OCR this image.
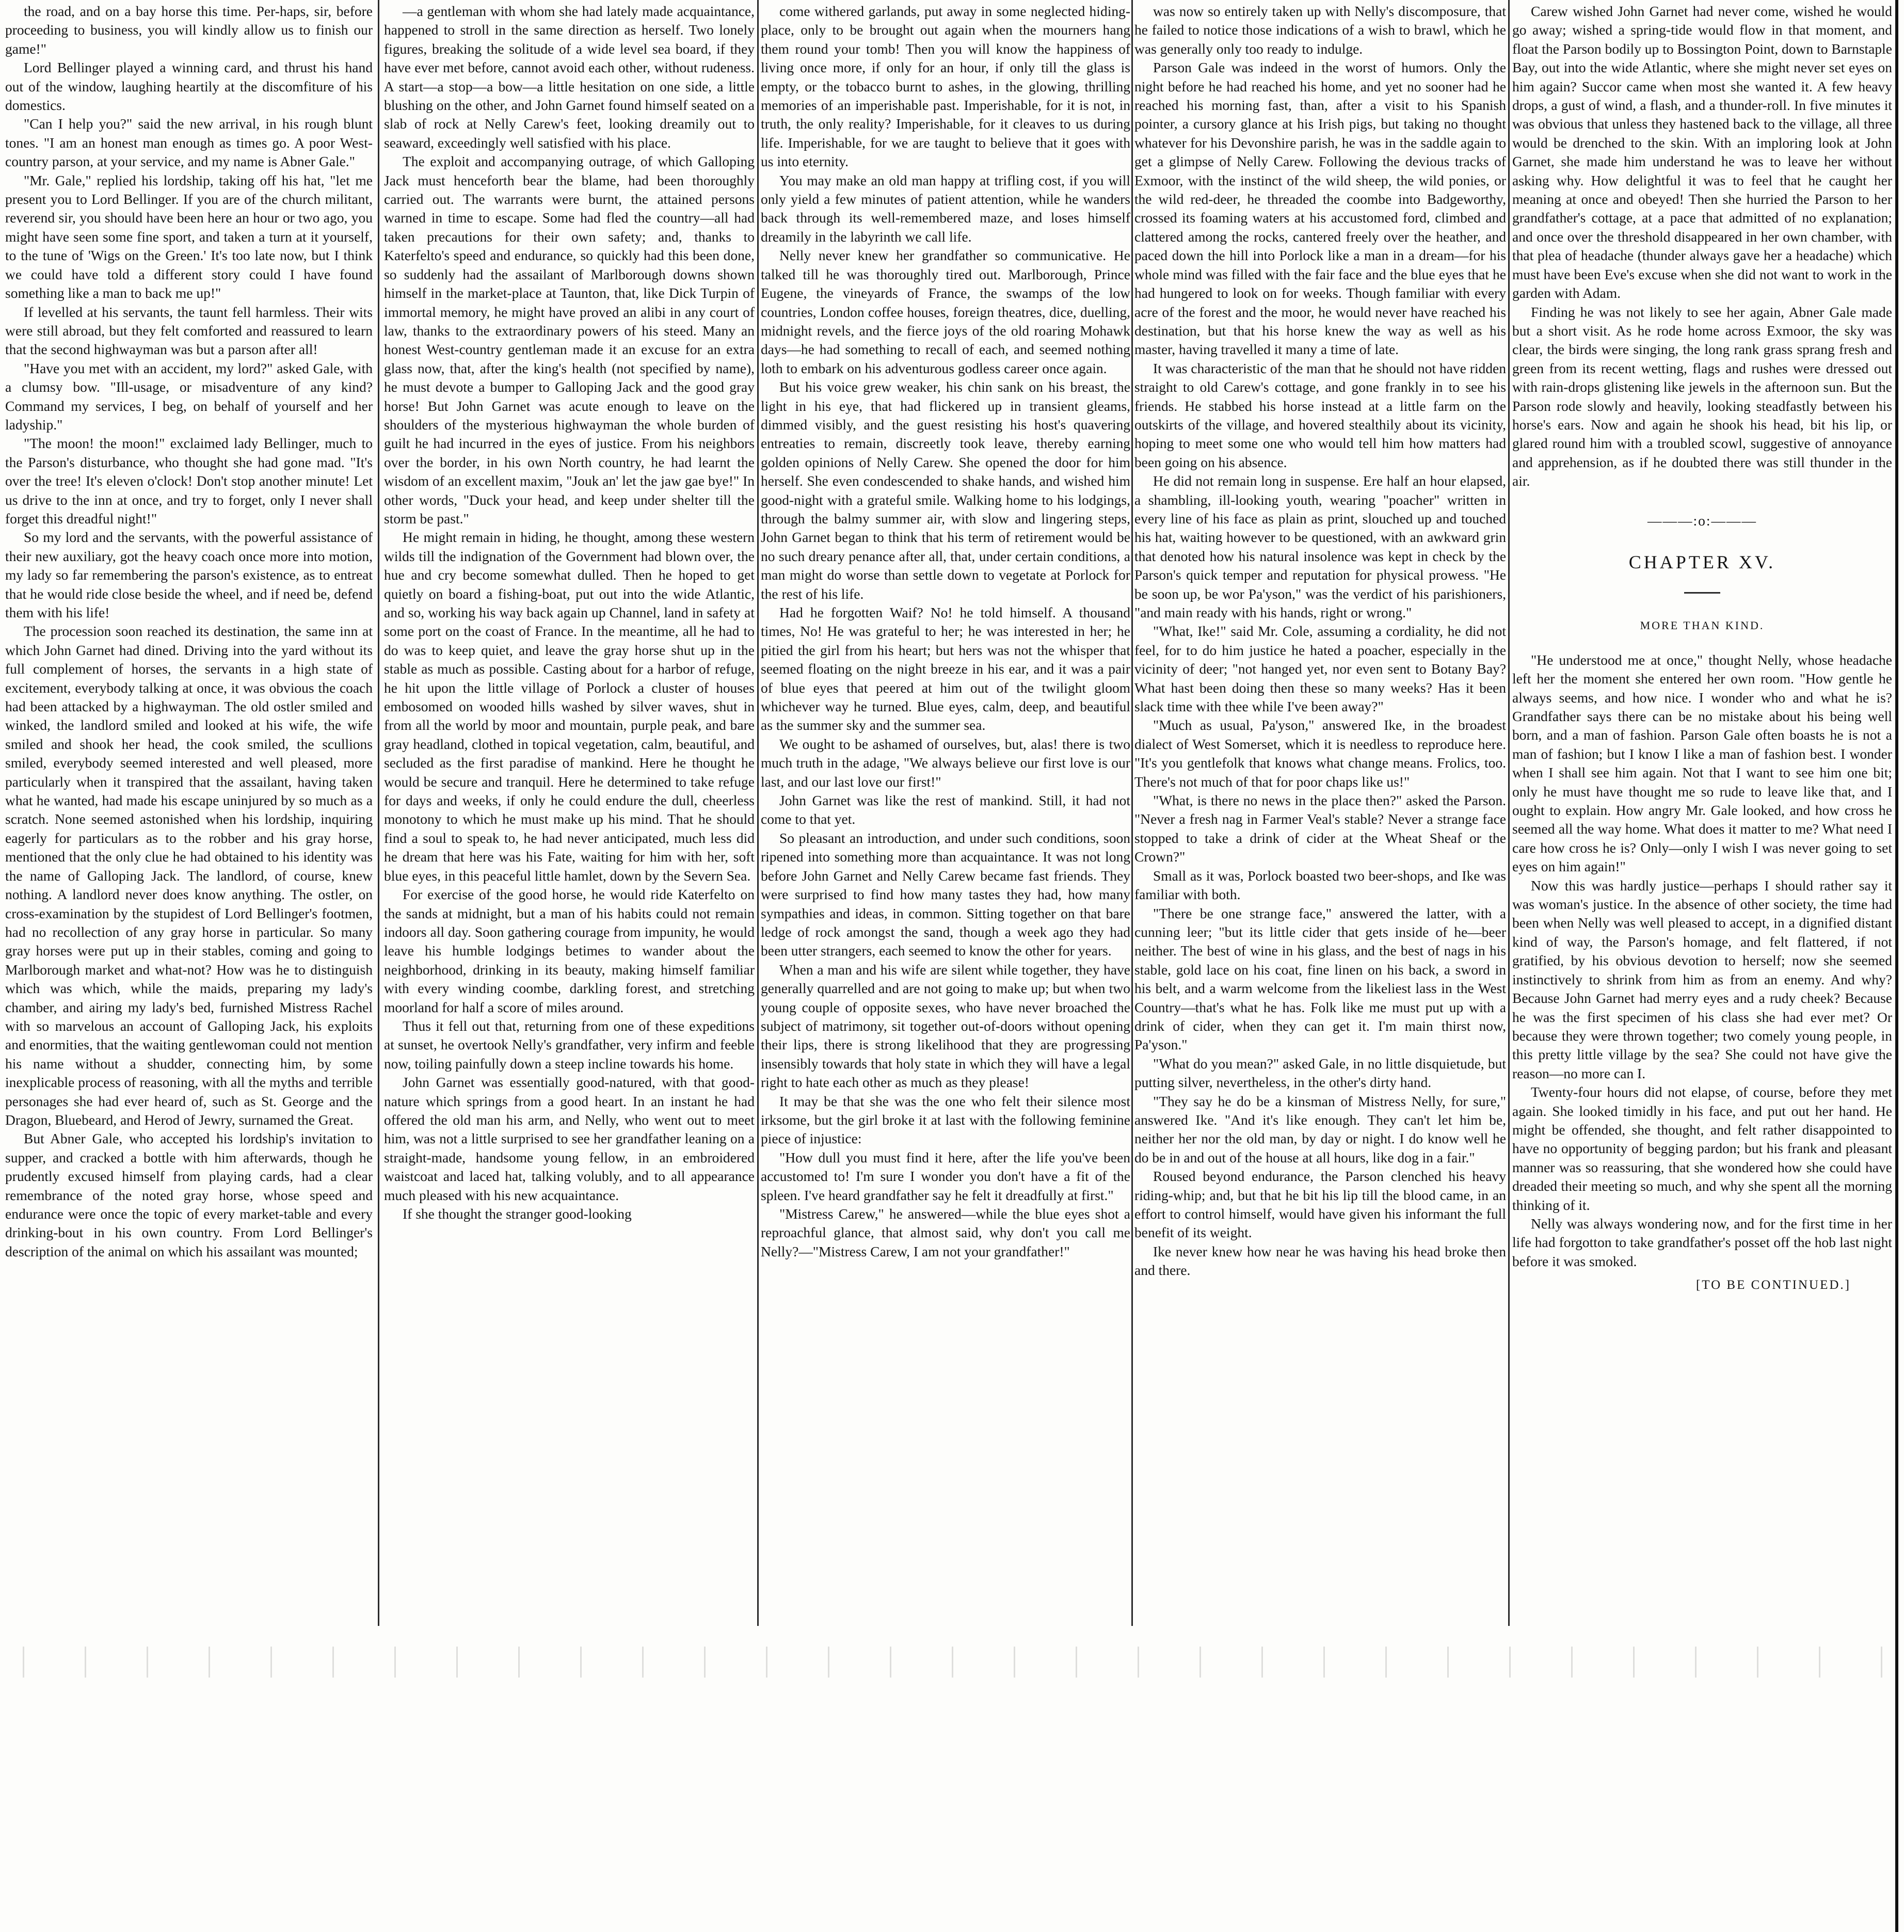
the road, and on a bay horse this time. Per-haps, sir, before proceeding to business, you will kindly allow us to finish our game!"

Lord Bellinger played a winning card, and thrust his hand out of the window, laughing heartily at the discomfiture of his domestics.

"Can I help you?" said the new arrival, in his rough blunt tones. "I am an honest man enough as times go. A poor West-country parson, at your service, and my name is Abner Gale."

"Mr. Gale," replied his lordship, taking off his hat, "let me present you to Lord Bellinger. If you are of the church militant, reverend sir, you should have been here an hour or two ago, you might have seen some fine sport, and taken a turn at it yourself, to the tune of 'Wigs on the Green.' It's too late now, but I think we could have told a different story could I have found something like a man to back me up!"

If levelled at his servants, the taunt fell harmless. Their wits were still abroad, but they felt comforted and reassured to learn that the second highwayman was but a parson after all!

"Have you met with an accident, my lord?" asked Gale, with a clumsy bow. "Ill-usage, or misadventure of any kind? Command my services, I beg, on behalf of yourself and her ladyship."

"The moon! the moon!" exclaimed lady Bellinger, much to the Parson's disturbance, who thought she had gone mad. "It's over the tree! It's eleven o'clock! Don't stop another minute! Let us drive to the inn at once, and try to forget, only I never shall forget this dreadful night!"

So my lord and the servants, with the powerful assistance of their new auxiliary, got the heavy coach once more into motion, my lady so far remembering the parson's existence, as to entreat that he would ride close beside the wheel, and if need be, defend them with his life!

The procession soon reached its destination, the same inn at which John Garnet had dined. Driving into the yard without its full complement of horses, the servants in a high state of excitement, everybody talking at once, it was obvious the coach had been attacked by a highwayman. The old ostler smiled and winked, the landlord smiled and looked at his wife, the wife smiled and shook her head, the cook smiled, the scullions smiled, everybody seemed interested and well pleased, more particularly when it transpired that the assailant, having taken what he wanted, had made his escape uninjured by so much as a scratch. None seemed astonished when his lordship, inquiring eagerly for particulars as to the robber and his gray horse, mentioned that the only clue he had obtained to his identity was the name of Galloping Jack. The landlord, of course, knew nothing. A landlord never does know anything. The ostler, on cross-examination by the stupidest of Lord Bellinger's footmen, had no recollection of any gray horse in particular. So many gray horses were put up in their stables, coming and going to Marlborough market and what-not? How was he to distinguish which was which, while the maids, preparing my lady's chamber, and airing my lady's bed, furnished Mistress Rachel with so marvelous an account of Galloping Jack, his exploits and enormities, that the waiting gentlewoman could not mention his name without a shudder, connecting him, by some inexplicable process of reasoning, with all the myths and terrible personages she had ever heard of, such as St. George and the Dragon, Bluebeard, and Herod of Jewry, surnamed the Great.

But Abner Gale, who accepted his lordship's invitation to supper, and cracked a bottle with him afterwards, though he prudently excused himself from playing cards, had a clear remembrance of the noted gray horse, whose speed and endurance were once the topic of every market-table and every drinking-bout in his own country. From Lord Bellinger's description of the animal on which his assailant was mounted;

—a gentleman with whom she had lately made acquaintance, happened to stroll in the same direction as herself. Two lonely figures, breaking the solitude of a wide level sea board, if they have ever met before, cannot avoid each other, without rudeness. A start—a stop—a bow—a little hesitation on one side, a little blushing on the other, and John Garnet found himself seated on a slab of rock at Nelly Carew's feet, looking dreamily out to seaward, exceedingly well satisfied with his place.

The exploit and accompanying outrage, of which Galloping Jack must henceforth bear the blame, had been thoroughly carried out. The warrants were burnt, the attained persons warned in time to escape. Some had fled the country—all had taken precautions for their own safety; and, thanks to Katerfelto's speed and endurance, so quickly had this been done, so suddenly had the assailant of Marlborough downs shown himself in the market-place at Taunton, that, like Dick Turpin of immortal memory, he might have proved an alibi in any court of law, thanks to the extraordinary powers of his steed. Many an honest West-country gentleman made it an excuse for an extra glass now, that, after the king's health (not specified by name), he must devote a bumper to Galloping Jack and the good gray horse! But John Garnet was acute enough to leave on the shoulders of the mysterious highwayman the whole burden of guilt he had incurred in the eyes of justice. From his neighbors over the border, in his own North country, he had learnt the wisdom of an excellent maxim, "Jouk an' let the jaw gae bye!" In other words, "Duck your head, and keep under shelter till the storm be past."

He might remain in hiding, he thought, among these western wilds till the indignation of the Government had blown over, the hue and cry become somewhat dulled. Then he hoped to get quietly on board a fishing-boat, put out into the wide Atlantic, and so, working his way back again up Channel, land in safety at some port on the coast of France. In the meantime, all he had to do was to keep quiet, and leave the gray horse shut up in the stable as much as possible. Casting about for a harbor of refuge, he hit upon the little village of Porlock a cluster of houses embosomed on wooded hills washed by silver waves, shut in from all the world by moor and mountain, purple peak, and bare gray headland, clothed in topical vegetation, calm, beautiful, and secluded as the first paradise of mankind. Here he thought he would be secure and tranquil. Here he determined to take refuge for days and weeks, if only he could endure the dull, cheerless monotony to which he must make up his mind. That he should find a soul to speak to, he had never anticipated, much less did he dream that here was his Fate, waiting for him with her, soft blue eyes, in this peaceful little hamlet, down by the Severn Sea.

For exercise of the good horse, he would ride Katerfelto on the sands at midnight, but a man of his habits could not remain indoors all day. Soon gathering courage from impunity, he would leave his humble lodgings betimes to wander about the neighborhood, drinking in its beauty, making himself familiar with every winding coombe, darkling forest, and stretching moorland for half a score of miles around.

Thus it fell out that, returning from one of these expeditions at sunset, he overtook Nelly's grandfather, very infirm and feeble now, toiling painfully down a steep incline towards his home.

John Garnet was essentially good-natured, with that good-nature which springs from a good heart. In an instant he had offered the old man his arm, and Nelly, who went out to meet him, was not a little surprised to see her grandfather leaning on a straight-made, handsome young fellow, in an embroidered waistcoat and laced hat, talking volubly, and to all appearance much pleased with his new acquaintance.

If she thought the stranger good-looking

come withered garlands, put away in some neglected hiding-place, only to be brought out again when the mourners hang them round your tomb! Then you will know the happiness of living once more, if only for an hour, if only till the glass is empty, or the tobacco burnt to ashes, in the glowing, thrilling memories of an imperishable past. Imperishable, for it is not, in truth, the only reality? Imperishable, for it cleaves to us during life. Imperishable, for we are taught to believe that it goes with us into eternity.

You may make an old man happy at trifling cost, if you will only yield a few minutes of patient attention, while he wanders back through its well-remembered maze, and loses himself dreamily in the labyrinth we call life.

Nelly never knew her grandfather so communicative. He talked till he was thoroughly tired out. Marlborough, Prince Eugene, the vineyards of France, the swamps of the low countries, London coffee houses, foreign theatres, dice, duelling, midnight revels, and the fierce joys of the old roaring Mohawk days—he had something to recall of each, and seemed nothing loth to embark on his adventurous godless career once again.

But his voice grew weaker, his chin sank on his breast, the light in his eye, that had flickered up in transient gleams, dimmed visibly, and the guest resisting his host's quavering entreaties to remain, discreetly took leave, thereby earning golden opinions of Nelly Carew. She opened the door for him herself. She even condescended to shake hands, and wished him good-night with a grateful smile. Walking home to his lodgings, through the balmy summer air, with slow and lingering steps, John Garnet began to think that his term of retirement would be no such dreary penance after all, that, under certain conditions, a man might do worse than settle down to vegetate at Porlock for the rest of his life.

Had he forgotten Waif? No! he told himself. A thousand times, No! He was grateful to her; he was interested in her; he pitied the girl from his heart; but hers was not the whisper that seemed floating on the night breeze in his ear, and it was a pair of blue eyes that peered at him out of the twilight gloom whichever way he turned. Blue eyes, calm, deep, and beautiful as the summer sky and the summer sea.

We ought to be ashamed of ourselves, but, alas! there is two much truth in the adage, "We always believe our first love is our last, and our last love our first!"

John Garnet was like the rest of mankind. Still, it had not come to that yet.

So pleasant an introduction, and under such conditions, soon ripened into something more than acquaintance. It was not long before John Garnet and Nelly Carew became fast friends. They were surprised to find how many tastes they had, how many sympathies and ideas, in common. Sitting together on that bare ledge of rock amongst the sand, though a week ago they had been utter strangers, each seemed to know the other for years.

When a man and his wife are silent while together, they have generally quarrelled and are not going to make up; but when two young couple of opposite sexes, who have never broached the subject of matrimony, sit together out-of-doors without opening their lips, there is strong likelihood that they are progressing insensibly towards that holy state in which they will have a legal right to hate each other as much as they please!

It may be that she was the one who felt their silence most irksome, but the girl broke it at last with the following feminine piece of injustice:

"How dull you must find it here, after the life you've been accustomed to! I'm sure I wonder you don't have a fit of the spleen. I've heard grandfather say he felt it dreadfully at first."

"Mistress Carew," he answered—while the blue eyes shot a reproachful glance, that almost said, why don't you call me Nelly?—"Mistress Carew, I am not your grandfather!"

was now so entirely taken up with Nelly's discomposure, that he failed to notice those indications of a wish to brawl, which he was generally only too ready to indulge.

Parson Gale was indeed in the worst of humors. Only the night before he had reached his home, and yet no sooner had he reached his morning fast, than, after a visit to his Spanish pointer, a cursory glance at his Irish pigs, but taking no thought whatever for his Devonshire parish, he was in the saddle again to get a glimpse of Nelly Carew. Following the devious tracks of Exmoor, with the instinct of the wild sheep, the wild ponies, or the wild red-deer, he threaded the coombe into Badgeworthy, crossed its foaming waters at his accustomed ford, climbed and clattered among the rocks, cantered freely over the heather, and paced down the hill into Porlock like a man in a dream—for his whole mind was filled with the fair face and the blue eyes that he had hungered to look on for weeks. Though familiar with every acre of the forest and the moor, he would never have reached his destination, but that his horse knew the way as well as his master, having travelled it many a time of late.

It was characteristic of the man that he should not have ridden straight to old Carew's cottage, and gone frankly in to see his friends. He stabbed his horse instead at a little farm on the outskirts of the village, and hovered stealthily about its vicinity, hoping to meet some one who would tell him how matters had been going on his absence.

He did not remain long in suspense. Ere half an hour elapsed, a shambling, ill-looking youth, wearing "poacher" written in every line of his face as plain as print, slouched up and touched his hat, waiting however to be questioned, with an awkward grin that denoted how his natural insolence was kept in check by the Parson's quick temper and reputation for physical prowess. "He be soon up, be wor Pa'yson," was the verdict of his parishioners, "and main ready with his hands, right or wrong."

"What, Ike!" said Mr. Cole, assuming a cordiality, he did not feel, for to do him justice he hated a poacher, especially in the vicinity of deer; "not hanged yet, nor even sent to Botany Bay? What hast been doing then these so many weeks? Has it been slack time with thee while I've been away?"

"Much as usual, Pa'yson," answered Ike, in the broadest dialect of West Somerset, which it is needless to reproduce here. "It's you gentlefolk that knows what change means. Frolics, too. There's not much of that for poor chaps like us!"

"What, is there no news in the place then?" asked the Parson. "Never a fresh nag in Farmer Veal's stable? Never a strange face stopped to take a drink of cider at the Wheat Sheaf or the Crown?"

Small as it was, Porlock boasted two beer-shops, and Ike was familiar with both.

"There be one strange face," answered the latter, with a cunning leer; "but its little cider that gets inside of he—beer neither. The best of wine in his glass, and the best of nags in his stable, gold lace on his coat, fine linen on his back, a sword in his belt, and a warm welcome from the likeliest lass in the West Country—that's what he has. Folk like me must put up with a drink of cider, when they can get it. I'm main thirst now, Pa'yson."

"What do you mean?" asked Gale, in no little disquietude, but putting silver, nevertheless, in the other's dirty hand.

"They say he do be a kinsman of Mistress Nelly, for sure," answered Ike. "And it's like enough. They can't let him be, neither her nor the old man, by day or night. I do know well he do be in and out of the house at all hours, like dog in a fair."

Roused beyond endurance, the Parson clenched his heavy riding-whip; and, but that he bit his lip till the blood came, in an effort to control himself, would have given his informant the full benefit of its weight.

Ike never knew how near he was having his head broke then and there.

Carew wished John Garnet had never come, wished he would go away; wished a spring-tide would flow in that moment, and float the Parson bodily up to Bossington Point, down to Barnstaple Bay, out into the wide Atlantic, where she might never set eyes on him again? Succor came when most she wanted it. A few heavy drops, a gust of wind, a flash, and a thunder-roll. In five minutes it was obvious that unless they hastened back to the village, all three would be drenched to the skin. With an imploring look at John Garnet, she made him understand he was to leave her without asking why. How delightful it was to feel that he caught her meaning at once and obeyed! Then she hurried the Parson to her grandfather's cottage, at a pace that admitted of no explanation; and once over the threshold disappeared in her own chamber, with that plea of headache (thunder always gave her a headache) which must have been Eve's excuse when she did not want to work in the garden with Adam.

Finding he was not likely to see her again, Abner Gale made but a short visit. As he rode home across Exmoor, the sky was clear, the birds were singing, the long rank grass sprang fresh and green from its recent wetting, flags and rushes were dressed out with rain-drops glistening like jewels in the afternoon sun. But the Parson rode slowly and heavily, looking steadfastly between his horse's ears. Now and again he shook his head, bit his lip, or glared round him with a troubled scowl, suggestive of annoyance and apprehension, as if he doubted there was still thunder in the air.

———:o:———
CHAPTER XV.
MORE THAN KIND.

"He understood me at once," thought Nelly, whose headache left her the moment she entered her own room. "How gentle he always seems, and how nice. I wonder who and what he is? Grandfather says there can be no mistake about his being well born, and a man of fashion. Parson Gale often boasts he is not a man of fashion; but I know I like a man of fashion best. I wonder when I shall see him again. Not that I want to see him one bit; only he must have thought me so rude to leave like that, and I ought to explain. How angry Mr. Gale looked, and how cross he seemed all the way home. What does it matter to me? What need I care how cross he is? Only—only I wish I was never going to set eyes on him again!"

Now this was hardly justice—perhaps I should rather say it was woman's justice. In the absence of other society, the time had been when Nelly was well pleased to accept, in a dignified distant kind of way, the Parson's homage, and felt flattered, if not gratified, by his obvious devotion to herself; now she seemed instinctively to shrink from him as from an enemy. And why? Because John Garnet had merry eyes and a rudy cheek? Because he was the first specimen of his class she had ever met? Or because they were thrown together; two comely young people, in this pretty little village by the sea? She could not have give the reason—no more can I.

Twenty-four hours did not elapse, of course, before they met again. She looked timidly in his face, and put out her hand. He might be offended, she thought, and felt rather disappointed to have no opportunity of begging pardon; but his frank and pleasant manner was so reassuring, that she wondered how she could have dreaded their meeting so much, and why she spent all the morning thinking of it.

Nelly was always wondering now, and for the first time in her life had forgotton to take grandfather's posset off the hob last night before it was smoked.

[TO BE CONTINUED.]
